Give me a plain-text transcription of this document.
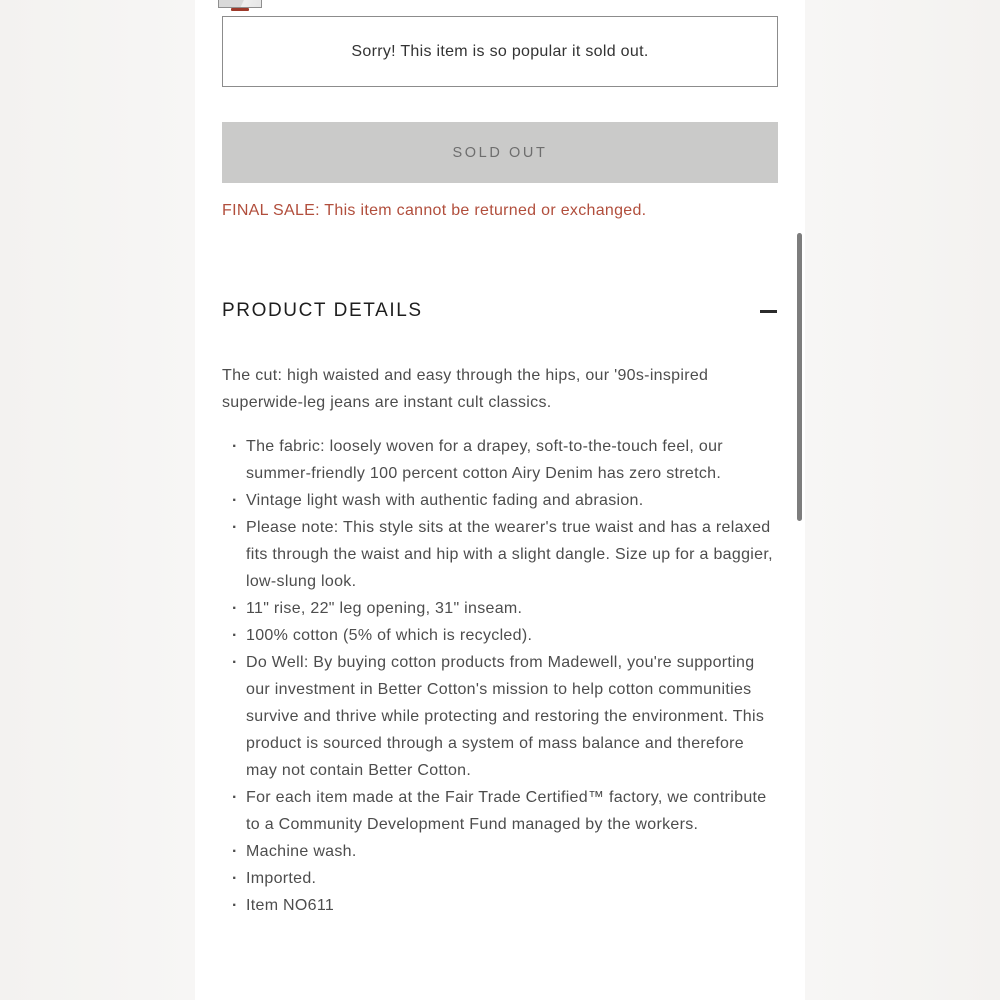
Sorry! This item is so popular it sold out.
SOLD OUT
FINAL SALE: This item cannot be returned or exchanged.
PRODUCT DETAILS

The cut: high waisted and easy through the hips, our '90s-inspired superwide-leg jeans are instant cult classics.

· The fabric: loosely woven for a drapey, soft-to-the-touch feel, our summer-friendly 100 percent cotton Airy Denim has zero stretch.
· Vintage light wash with authentic fading and abrasion.
· Please note: This style sits at the wearer's true waist and has a relaxed fits through the waist and hip with a slight dangle. Size up for a baggier, low-slung look.
· 11" rise, 22" leg opening, 31" inseam.
· 100% cotton (5% of which is recycled).
· Do Well: By buying cotton products from Madewell, you're supporting our investment in Better Cotton's mission to help cotton communities survive and thrive while protecting and restoring the environment. This product is sourced through a system of mass balance and therefore may not contain Better Cotton.
· For each item made at the Fair Trade Certified™ factory, we contribute to a Community Development Fund managed by the workers.
· Machine wash.
· Imported.
· Item NO611
